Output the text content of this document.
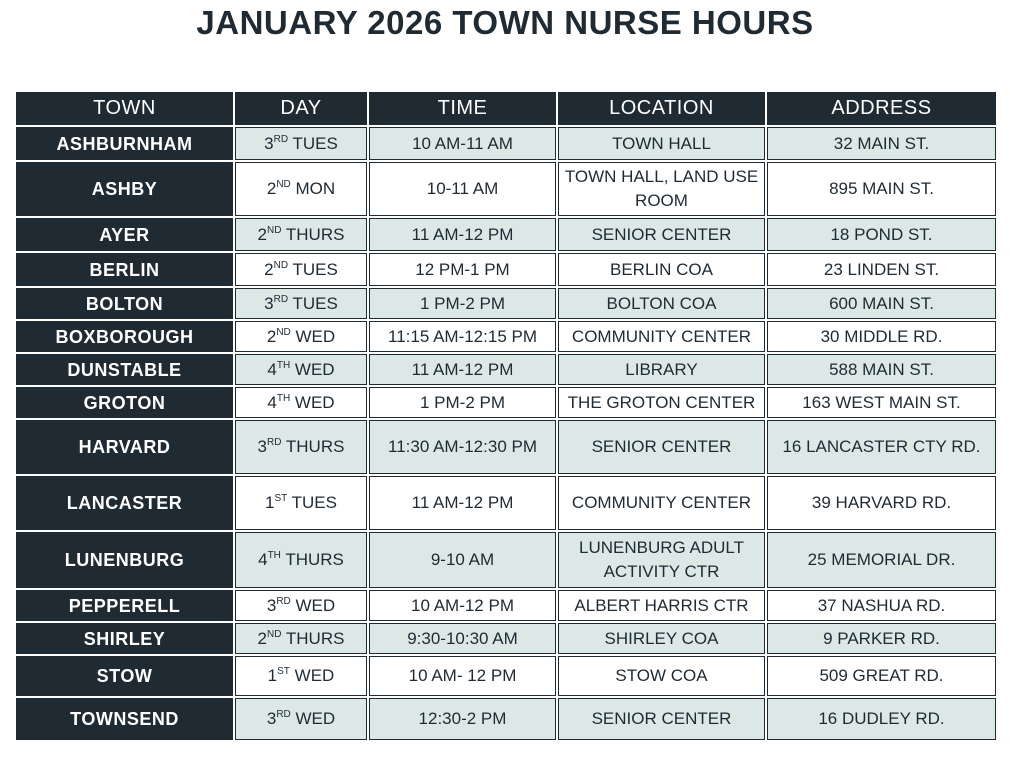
JANUARY 2026 TOWN NURSE HOURS
TOWN	DAY	TIME	LOCATION	ADDRESS
ASHBURNHAM	3RD TUES	10 AM-11 AM	TOWN HALL	32 MAIN ST.
ASHBY	2ND MON	10-11 AM	TOWN HALL, LAND USE ROOM	895 MAIN ST.
AYER	2ND THURS	11 AM-12 PM	SENIOR CENTER	18 POND ST.
BERLIN	2ND TUES	12 PM-1 PM	BERLIN COA	23 LINDEN ST.
BOLTON	3RD TUES	1 PM-2 PM	BOLTON COA	600 MAIN ST.
BOXBOROUGH	2ND WED	11:15 AM-12:15 PM	COMMUNITY CENTER	30 MIDDLE RD.
DUNSTABLE	4TH WED	11 AM-12 PM	LIBRARY	588 MAIN ST.
GROTON	4TH WED	1 PM-2 PM	THE GROTON CENTER	163 WEST MAIN ST.
HARVARD	3RD THURS	11:30 AM-12:30 PM	SENIOR CENTER	16 LANCASTER CTY RD.
LANCASTER	1ST TUES	11 AM-12 PM	COMMUNITY CENTER	39 HARVARD RD.
LUNENBURG	4TH THURS	9-10 AM	LUNENBURG ADULT ACTIVITY CTR	25 MEMORIAL DR.
PEPPERELL	3RD WED	10 AM-12 PM	ALBERT HARRIS CTR	37 NASHUA RD.
SHIRLEY	2ND THURS	9:30-10:30 AM	SHIRLEY COA	9 PARKER RD.
STOW	1ST WED	10 AM- 12 PM	STOW COA	509 GREAT RD.
TOWNSEND	3RD WED	12:30-2 PM	SENIOR CENTER	16 DUDLEY RD.
